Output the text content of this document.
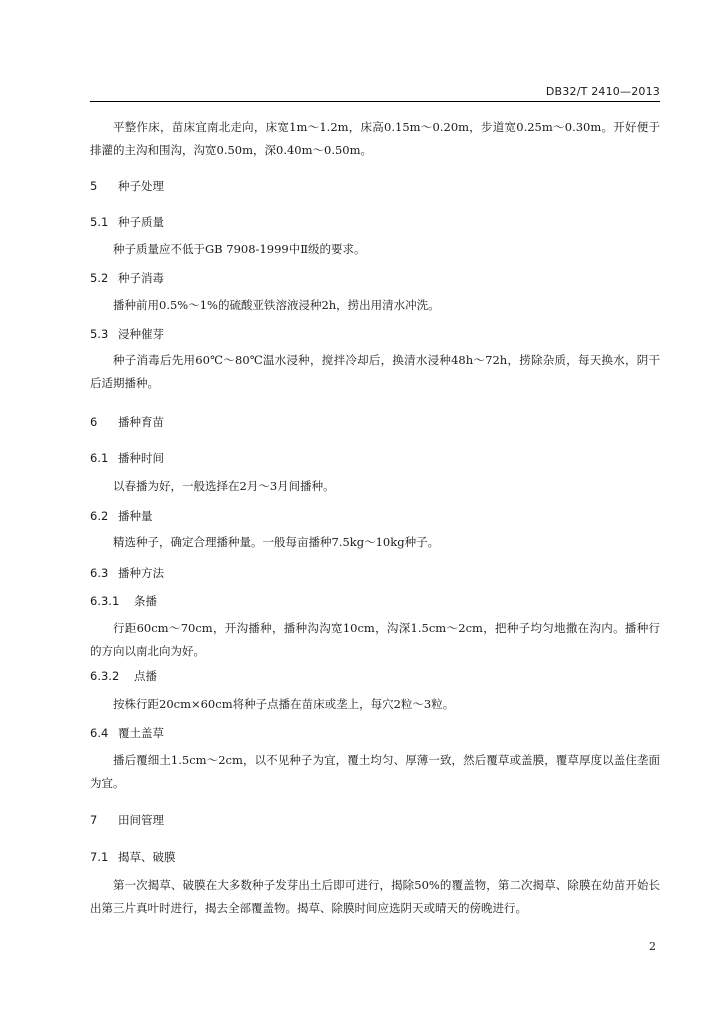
DB32/T 2410—2013

平整作床，苗床宜南北走向，床宽1m～1.2m，床高0.15m～0.20m，步道宽0.25m～0.30m。开好便于排灌的主沟和围沟，沟宽0.50m，深0.40m～0.50m。

5 种子处理
5.1 种子质量

种子质量应不低于GB 7908-1999中Ⅱ级的要求。

5.2 种子消毒

播种前用0.5%～1%的硫酸亚铁溶液浸种2h，捞出用清水冲洗。

5.3 浸种催芽

种子消毒后先用60℃～80℃温水浸种，搅拌冷却后，换清水浸种48h～72h，捞除杂质，每天换水，阴干后适期播种。

6 播种育苗
6.1 播种时间

以春播为好，一般选择在2月～3月间播种。

6.2 播种量

精选种子，确定合理播种量。一般每亩播种7.5kg～10kg种子。

6.3 播种方法
6.3.1 条播

行距60cm～70cm，开沟播种，播种沟沟宽10cm，沟深1.5cm～2cm，把种子均匀地撒在沟内。播种行的方向以南北向为好。

6.3.2 点播

按株行距20cm×60cm将种子点播在苗床或垄上，每穴2粒～3粒。

6.4 覆土盖草

播后覆细土1.5cm～2cm，以不见种子为宜，覆土均匀、厚薄一致，然后覆草或盖膜，覆草厚度以盖住垄面为宜。

7 田间管理
7.1 揭草、破膜

第一次揭草、破膜在大多数种子发芽出土后即可进行，揭除50%的覆盖物，第二次揭草、除膜在幼苗开始长出第三片真叶时进行，揭去全部覆盖物。揭草、除膜时间应选阴天或晴天的傍晚进行。

2
